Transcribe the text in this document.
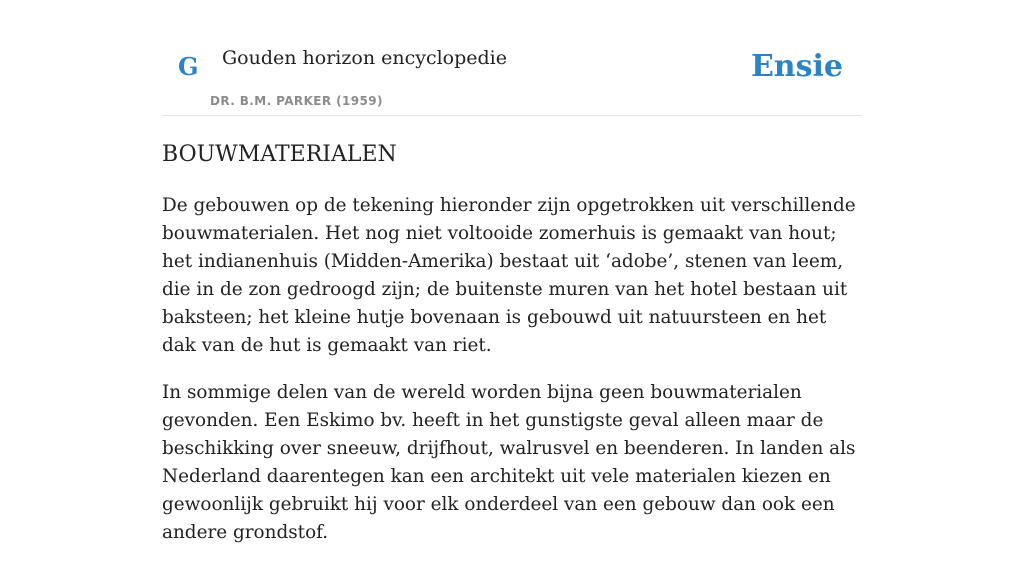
G Gouden horizon encyclopedie
DR. B.M. PARKER (1959)
Ensie
BOUWMATERIALEN

De gebouwen op de tekening hieronder zijn opgetrokken uit verschillende bouwmaterialen. Het nog niet voltooide zomerhuis is gemaakt van hout; het indianenhuis (Midden-Amerika) bestaat uit ‘adobe’, stenen van leem, die in de zon gedroogd zijn; de buitenste muren van het hotel bestaan uit baksteen; het kleine hutje bovenaan is gebouwd uit natuursteen en het dak van de hut is gemaakt van riet.

In sommige delen van de wereld worden bijna geen bouwmaterialen gevonden. Een Eskimo bv. heeft in het gunstigste geval alleen maar de beschikking over sneeuw, drijfhout, walrusvel en beenderen. In landen als Nederland daarentegen kan een architekt uit vele materialen kiezen en gewoonlijk gebruikt hij voor elk onderdeel van een gebouw dan ook een andere grondstof.
